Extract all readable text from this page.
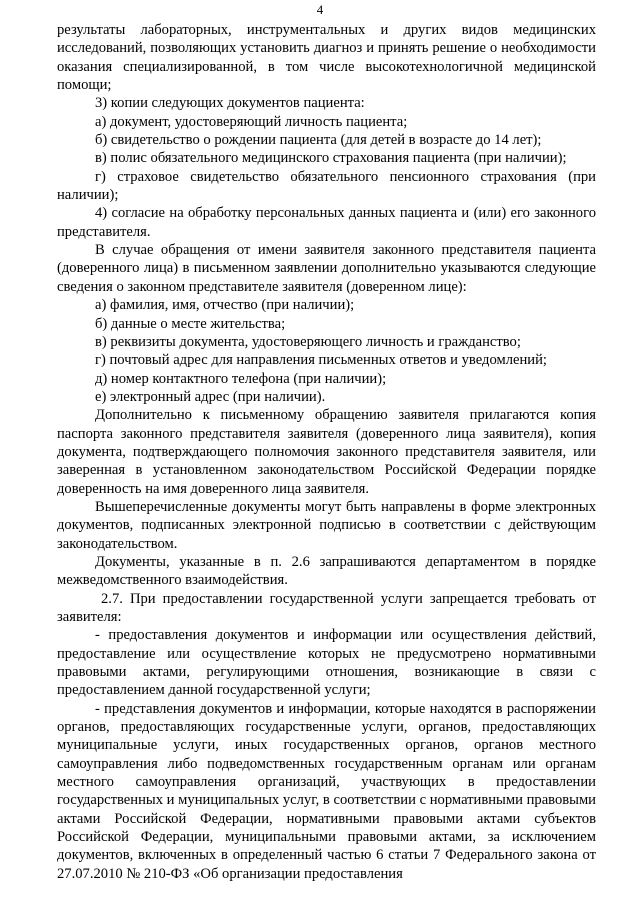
4

результаты лабораторных, инструментальных и других видов медицинских исследований, позволяющих установить диагноз и принять решение о необходимости оказания специализированной, в том числе высокотехнологичной медицинской помощи;

3) копии следующих документов пациента:

а) документ, удостоверяющий личность пациента;

б) свидетельство о рождении пациента (для детей в возрасте до 14 лет);

в) полис обязательного медицинского страхования пациента (при наличии);

г) страховое свидетельство обязательного пенсионного страхования (при наличии);

4) согласие на обработку персональных данных пациента и (или) его законного представителя.

В случае обращения от имени заявителя законного представителя пациента (доверенного лица) в письменном заявлении дополнительно указываются следующие сведения о законном представителе заявителя (доверенном лице):

а) фамилия, имя, отчество (при наличии);

б) данные о месте жительства;

в) реквизиты документа, удостоверяющего личность и гражданство;

г) почтовый адрес для направления письменных ответов и уведомлений;

д) номер контактного телефона (при наличии);

е) электронный адрес (при наличии).

Дополнительно к письменному обращению заявителя прилагаются копия паспорта законного представителя заявителя (доверенного лица заявителя), копия документа, подтверждающего полномочия законного представителя заявителя, или заверенная в установленном законодательством Российской Федерации порядке доверенность на имя доверенного лица заявителя.

Вышеперечисленные документы могут быть направлены в форме электронных документов, подписанных электронной подписью в соответствии с действующим законодательством.

Документы, указанные в п. 2.6 запрашиваются департаментом в порядке межведомственного взаимодействия.

2.7. При предоставлении государственной услуги запрещается требовать от заявителя:

- предоставления документов и информации или осуществления действий, предоставление или осуществление которых не предусмотрено нормативными правовыми актами, регулирующими отношения, возникающие в связи с предоставлением данной государственной услуги;

- представления документов и информации, которые находятся в распоряжении органов, предоставляющих государственные услуги, органов, предоставляющих муниципальные услуги, иных государственных органов, органов местного самоуправления либо подведомственных государственным органам или органам местного самоуправления организаций, участвующих в предоставлении государственных и муниципальных услуг, в соответствии с нормативными правовыми актами Российской Федерации, нормативными правовыми актами субъектов Российской Федерации, муниципальными правовыми актами, за исключением документов, включенных в определенный частью 6 статьи 7 Федерального закона от 27.07.2010 № 210-ФЗ «Об организации предоставления
